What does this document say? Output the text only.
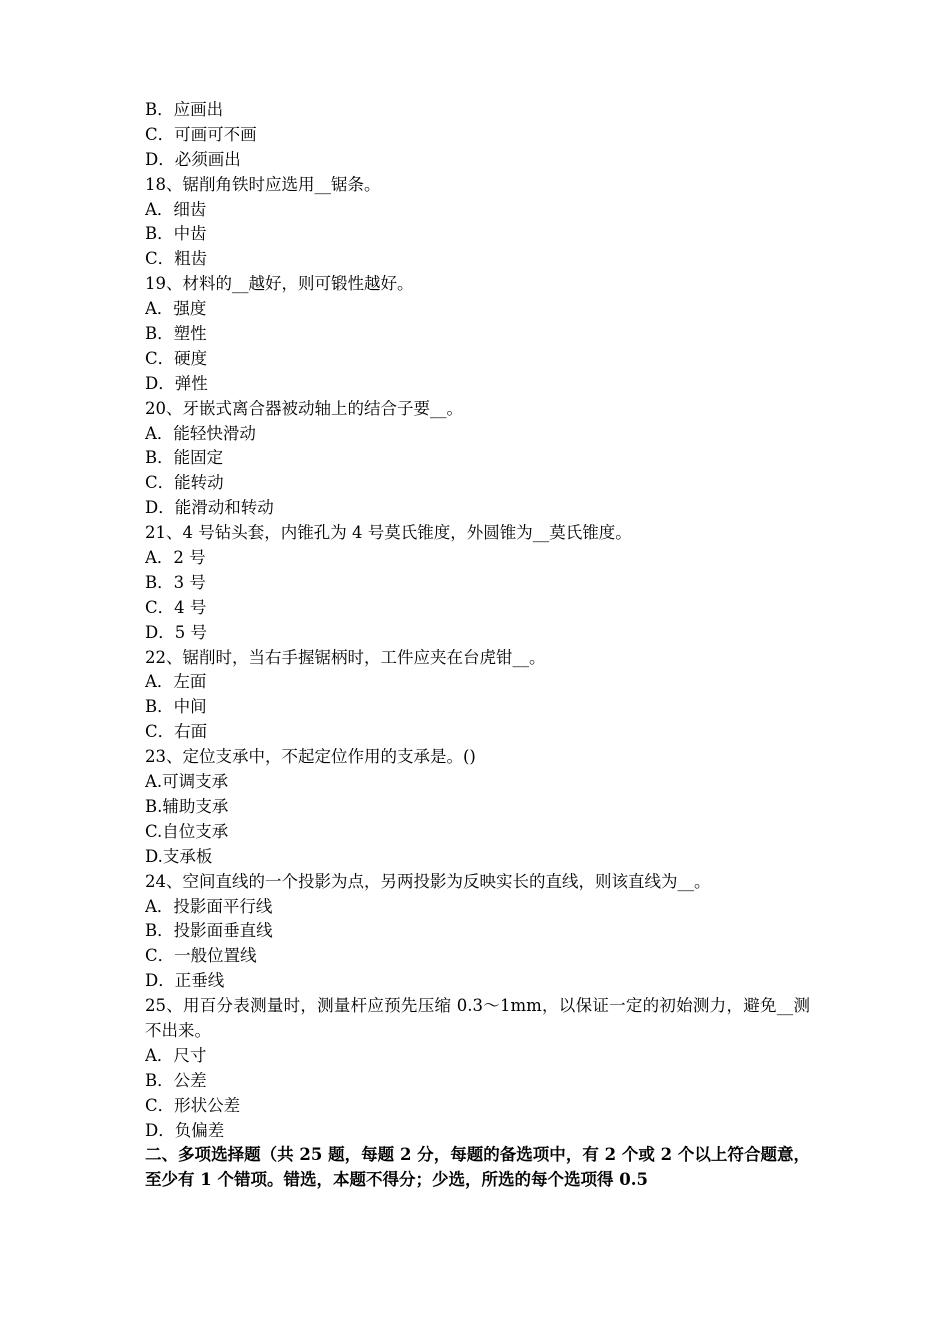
B．应画出
C．可画可不画
D．必须画出
18、锯削角铁时应选用__锯条。
A．细齿
B．中齿
C．粗齿
19、材料的__越好，则可锻性越好。
A．强度
B．塑性
C．硬度
D．弹性
20、牙嵌式离合器被动轴上的结合子要__。
A．能轻快滑动
B．能固定
C．能转动
D．能滑动和转动
21、4 号钻头套，内锥孔为 4 号莫氏锥度，外圆锥为__莫氏锥度。
A．2 号
B．3 号
C．4 号
D．5 号
22、锯削时，当右手握锯柄时，工件应夹在台虎钳__。
A．左面
B．中间
C．右面
23、定位支承中，不起定位作用的支承是。()
A.可调支承
B.辅助支承
C.自位支承
D.支承板
24、空间直线的一个投影为点，另两投影为反映实长的直线，则该直线为__。
A．投影面平行线
B．投影面垂直线
C．一般位置线
D．正垂线
25、用百分表测量时，测量杆应预先压缩 0.3～1mm，以保证一定的初始测力，避免__测不出来。
A．尺寸
B．公差
C．形状公差
D．负偏差
二、多项选择题（共 25 题，每题 2 分，每题的备选项中，有 2 个或 2 个以上符合题意，至少有 1 个错项。错选，本题不得分；少选，所选的每个选项得 0.5
